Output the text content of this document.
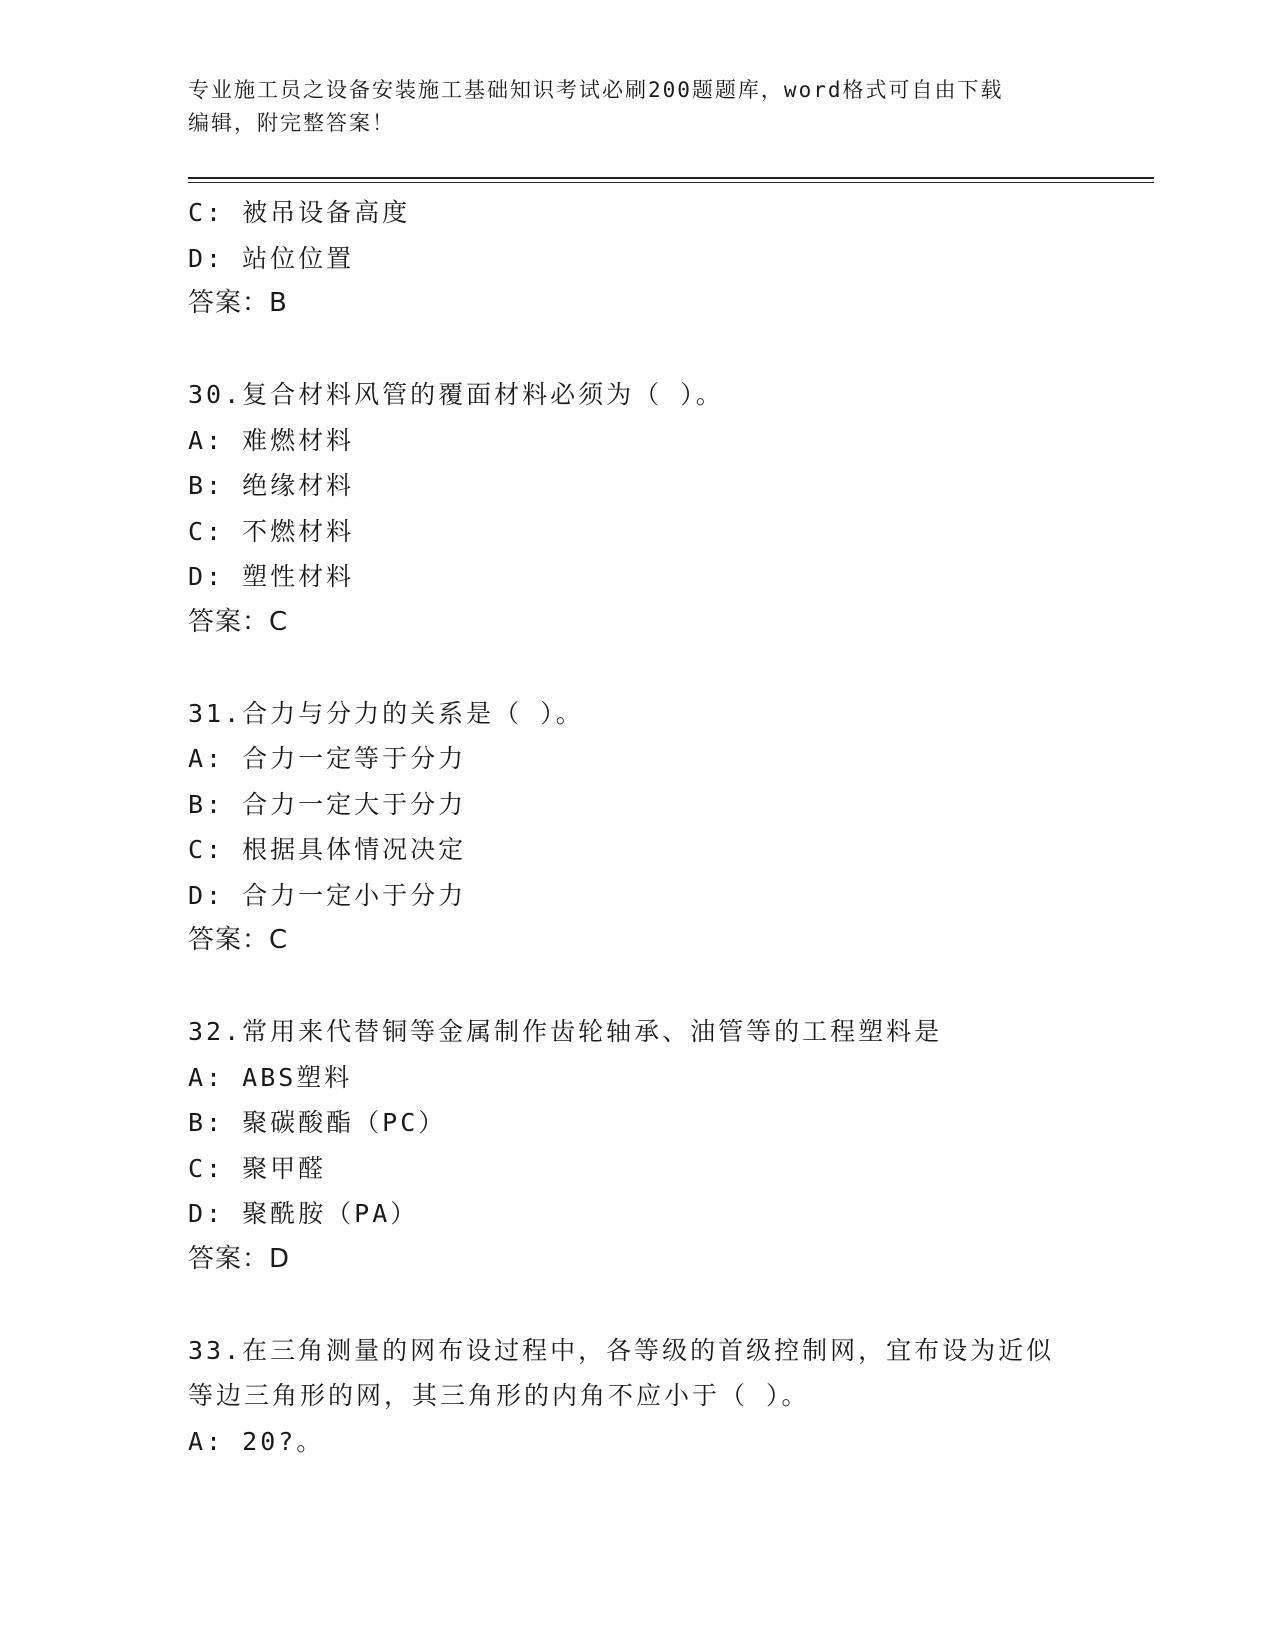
专业施工员之设备安装施工基础知识考试必刷200题题库，word格式可自由下载
编辑，附完整答案！
C: 被吊设备高度
D: 站位位置
答案：B
30.复合材料风管的覆面材料必须为（ ）。
A: 难燃材料
B: 绝缘材料
C: 不燃材料
D: 塑性材料
答案：C
31.合力与分力的关系是（ ）。
A: 合力一定等于分力
B: 合力一定大于分力
C: 根据具体情况决定
D: 合力一定小于分力
答案：C
32.常用来代替铜等金属制作齿轮轴承、油管等的工程塑料是
A: ABS塑料
B: 聚碳酸酯（PC）
C: 聚甲醛
D: 聚酰胺（PA）
答案：D
33.在三角测量的网布设过程中，各等级的首级控制网，宜布设为近似
等边三角形的网，其三角形的内角不应小于（ ）。
A: 20?。
